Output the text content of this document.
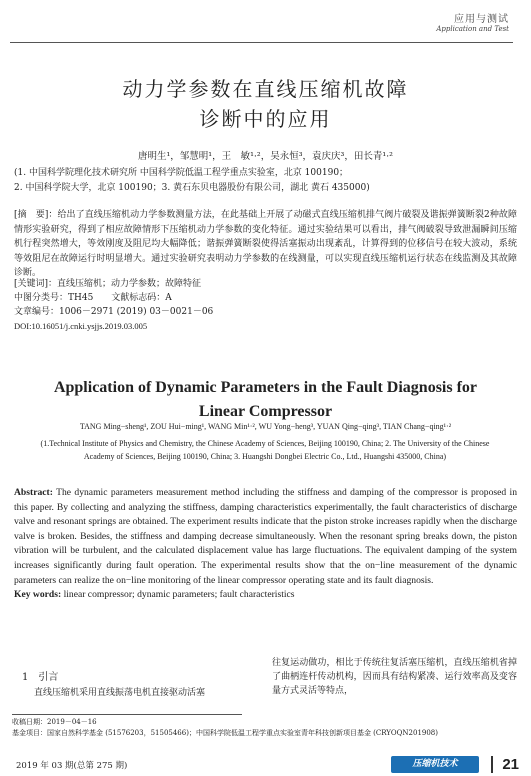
应用与测试
Application and Test
动力学参数在直线压缩机故障
诊断中的应用
唐明生¹，邹慧明¹，王　敏¹·²，吴永恒³，袁庆庆³，田长青¹·²
(1. 中国科学院理化技术研究所 中国科学院低温工程学重点实验室，北京 100190；
2. 中国科学院大学，北京 100190；3. 黄石东贝电器股份有限公司，湖北 黄石 435000)
[摘　要]：给出了直线压缩机动力学参数测量方法，在此基础上开展了动磁式直线压缩机排气阀片破裂及谐振弹簧断裂2种故障情形实验研究，得到了相应故障情形下压缩机动力学参数的变化特征。通过实验结果可以看出，排气阀破裂导致泄漏瞬间压缩机行程突然增大，等效刚度及阻尼均大幅降低；谐振弹簧断裂使得活塞振动出现紊乱，计算得到的位移信号在较大波动，系统等效阻尼在故障运行时明显增大。通过实验研究表明动力学参数的在线测量，可以实现直线压缩机运行状态在线监测及其故障诊断。
[关键词]：直线压缩机；动力学参数；故障特征
中图分类号：TH45　　文献标志码：A
文章编号：1006－2971 (2019) 03－0021－06
DOI:10.16051/j.cnki.ysjjs.2019.03.005
Application of Dynamic Parameters in the Fault Diagnosis for
Linear Compressor
TANG Ming−sheng¹, ZOU Hui−ming¹, WANG Min¹·², WU Yong−heng³, YUAN Qing−qing³, TIAN Chang−qing¹·²
(1.Technical Institute of Physics and Chemistry, the Chinese Academy of Sciences, Beijing 100190, China; 2. The University of the Chinese Academy of Sciences, Beijing 100190, China; 3. Huangshi Dongbei Electric Co., Ltd., Huangshi 435000, China)
Abstract: The dynamic parameters measurement method including the stiffness and damping of the compressor is proposed in this paper. By collecting and analyzing the stiffness, damping characteristics experimentally, the fault characteristics of discharge valve and resonant springs are obtained. The experiment results indicate that the piston stroke increases rapidly when the discharge valve is broken. Besides, the stiffness and damping decrease simultaneously. When the resonant spring breaks down, the piston vibration will be turbulent, and the calculated displacement value has large fluctuations. The equivalent damping of the system increases significantly during fault operation. The experimental results show that the on−line measurement of the dynamic parameters can realize the on−line monitoring of the linear compressor operating state and its fault diagnosis.
Key words: linear compressor; dynamic parameters; fault characteristics
1　引言
直线压缩机采用直线振荡电机直接驱动活塞
往复运动做功，相比于传统往复活塞压缩机，直线压缩机省掉了曲柄连杆传动机构，因而具有结构紧凑、运行效率高及变容量方式灵活等特点，
收稿日期：2019－04－16
基金项目：国家自然科学基金 (51576203，51505466)；中国科学院低温工程学重点实验室青年科技创新项目基金 (CRYOQN201908)
2019 年 03 期(总第 275 期)	压缩机技术	21
